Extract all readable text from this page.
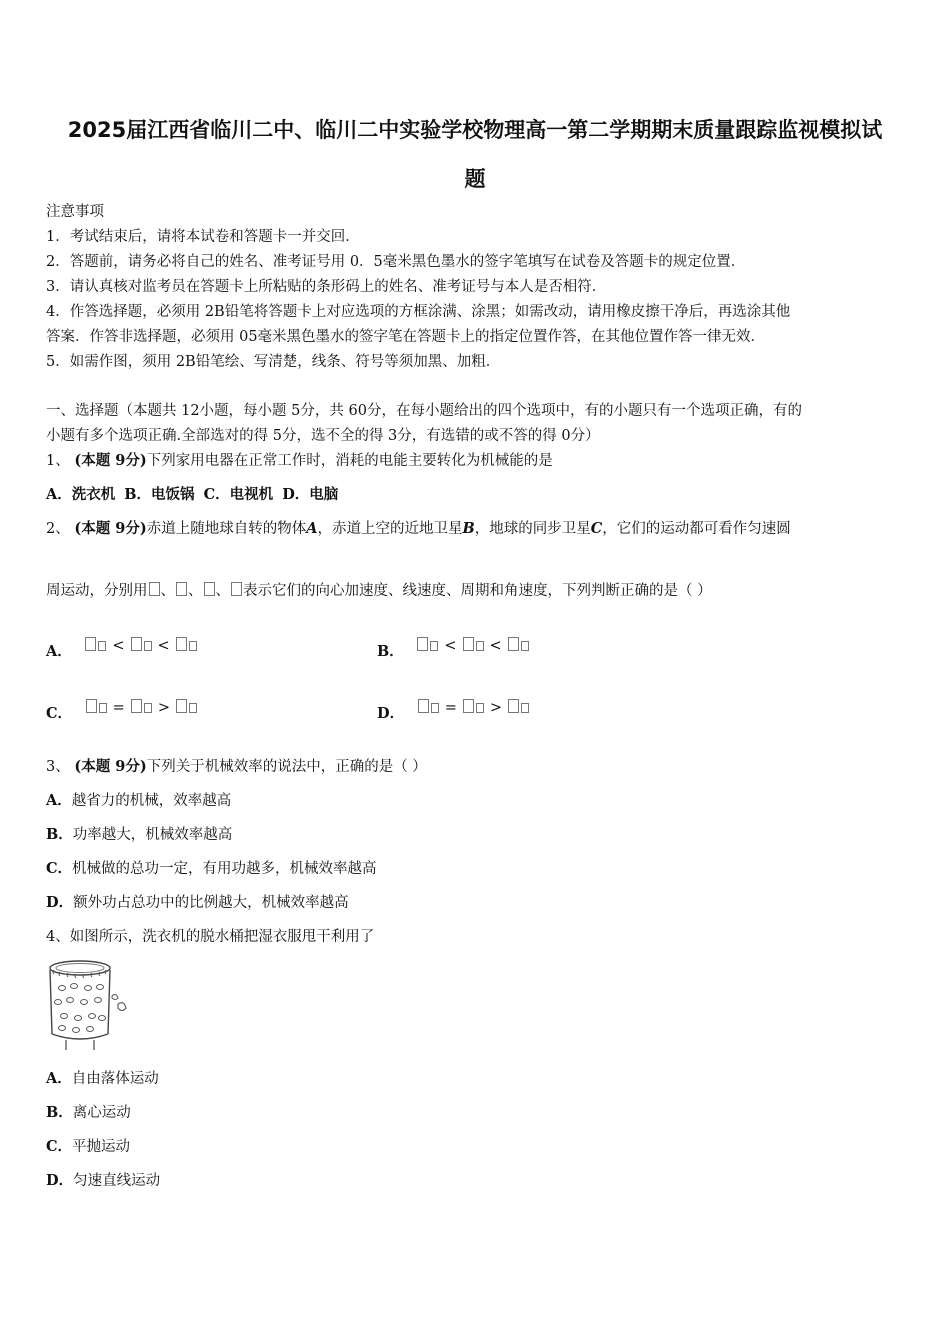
2025届江西省临川二中、临川二中实验学校物理高一第二学期期末质量跟踪监视模拟试
题
注意事项
1．考试结束后，请将本试卷和答题卡一并交回．
2．答题前，请务必将自己的姓名、准考证号用 0．5毫米黑色墨水的签字笔填写在试卷及答题卡的规定位置．
3．请认真核对监考员在答题卡上所粘贴的条形码上的姓名、准考证号与本人是否相符．
4．作答选择题，必须用 2B铅笔将答题卡上对应选项的方框涂满、涂黑；如需改动，请用橡皮擦干净后，再选涂其他
答案．作答非选择题，必须用 05毫米黑色墨水的签字笔在答题卡上的指定位置作答，在其他位置作答一律无效．
5．如需作图，须用 2B铅笔绘、写清楚，线条、符号等须加黑、加粗．
一、选择题（本题共 12小题，每小题 5分，共 60分，在每小题给出的四个选项中，有的小题只有一个选项正确，有的
小题有多个选项正确.全部选对的得 5分，选不全的得 3分，有选错的或不答的得 0分）
1、 (本题 9分)下列家用电器在正常工作时，消耗的电能主要转化为机械能的是
A．洗衣机 B．电饭锅 C．电视机 D．电脑
2、 (本题 9分)赤道上随地球自转的物体A，赤道上空的近地卫星B，地球的同步卫星C，它们的运动都可看作匀速圆
周运动，分别用 、 、 、 表示它们的向心加速度、线速度、周期和角速度，下列判断正确的是（ ）
A．	< <	B．	< <
C．	= >	D．	= >
3、 (本题 9分)下列关于机械效率的说法中，正确的是（ ）
A．越省力的机械，效率越高
B．功率越大，机械效率越高
C．机械做的总功一定，有用功越多，机械效率越高
D．额外功占总功中的比例越大，机械效率越高
4、如图所示，洗衣机的脱水桶把湿衣服甩干利用了
A．自由落体运动
B．离心运动
C．平抛运动
D．匀速直线运动
